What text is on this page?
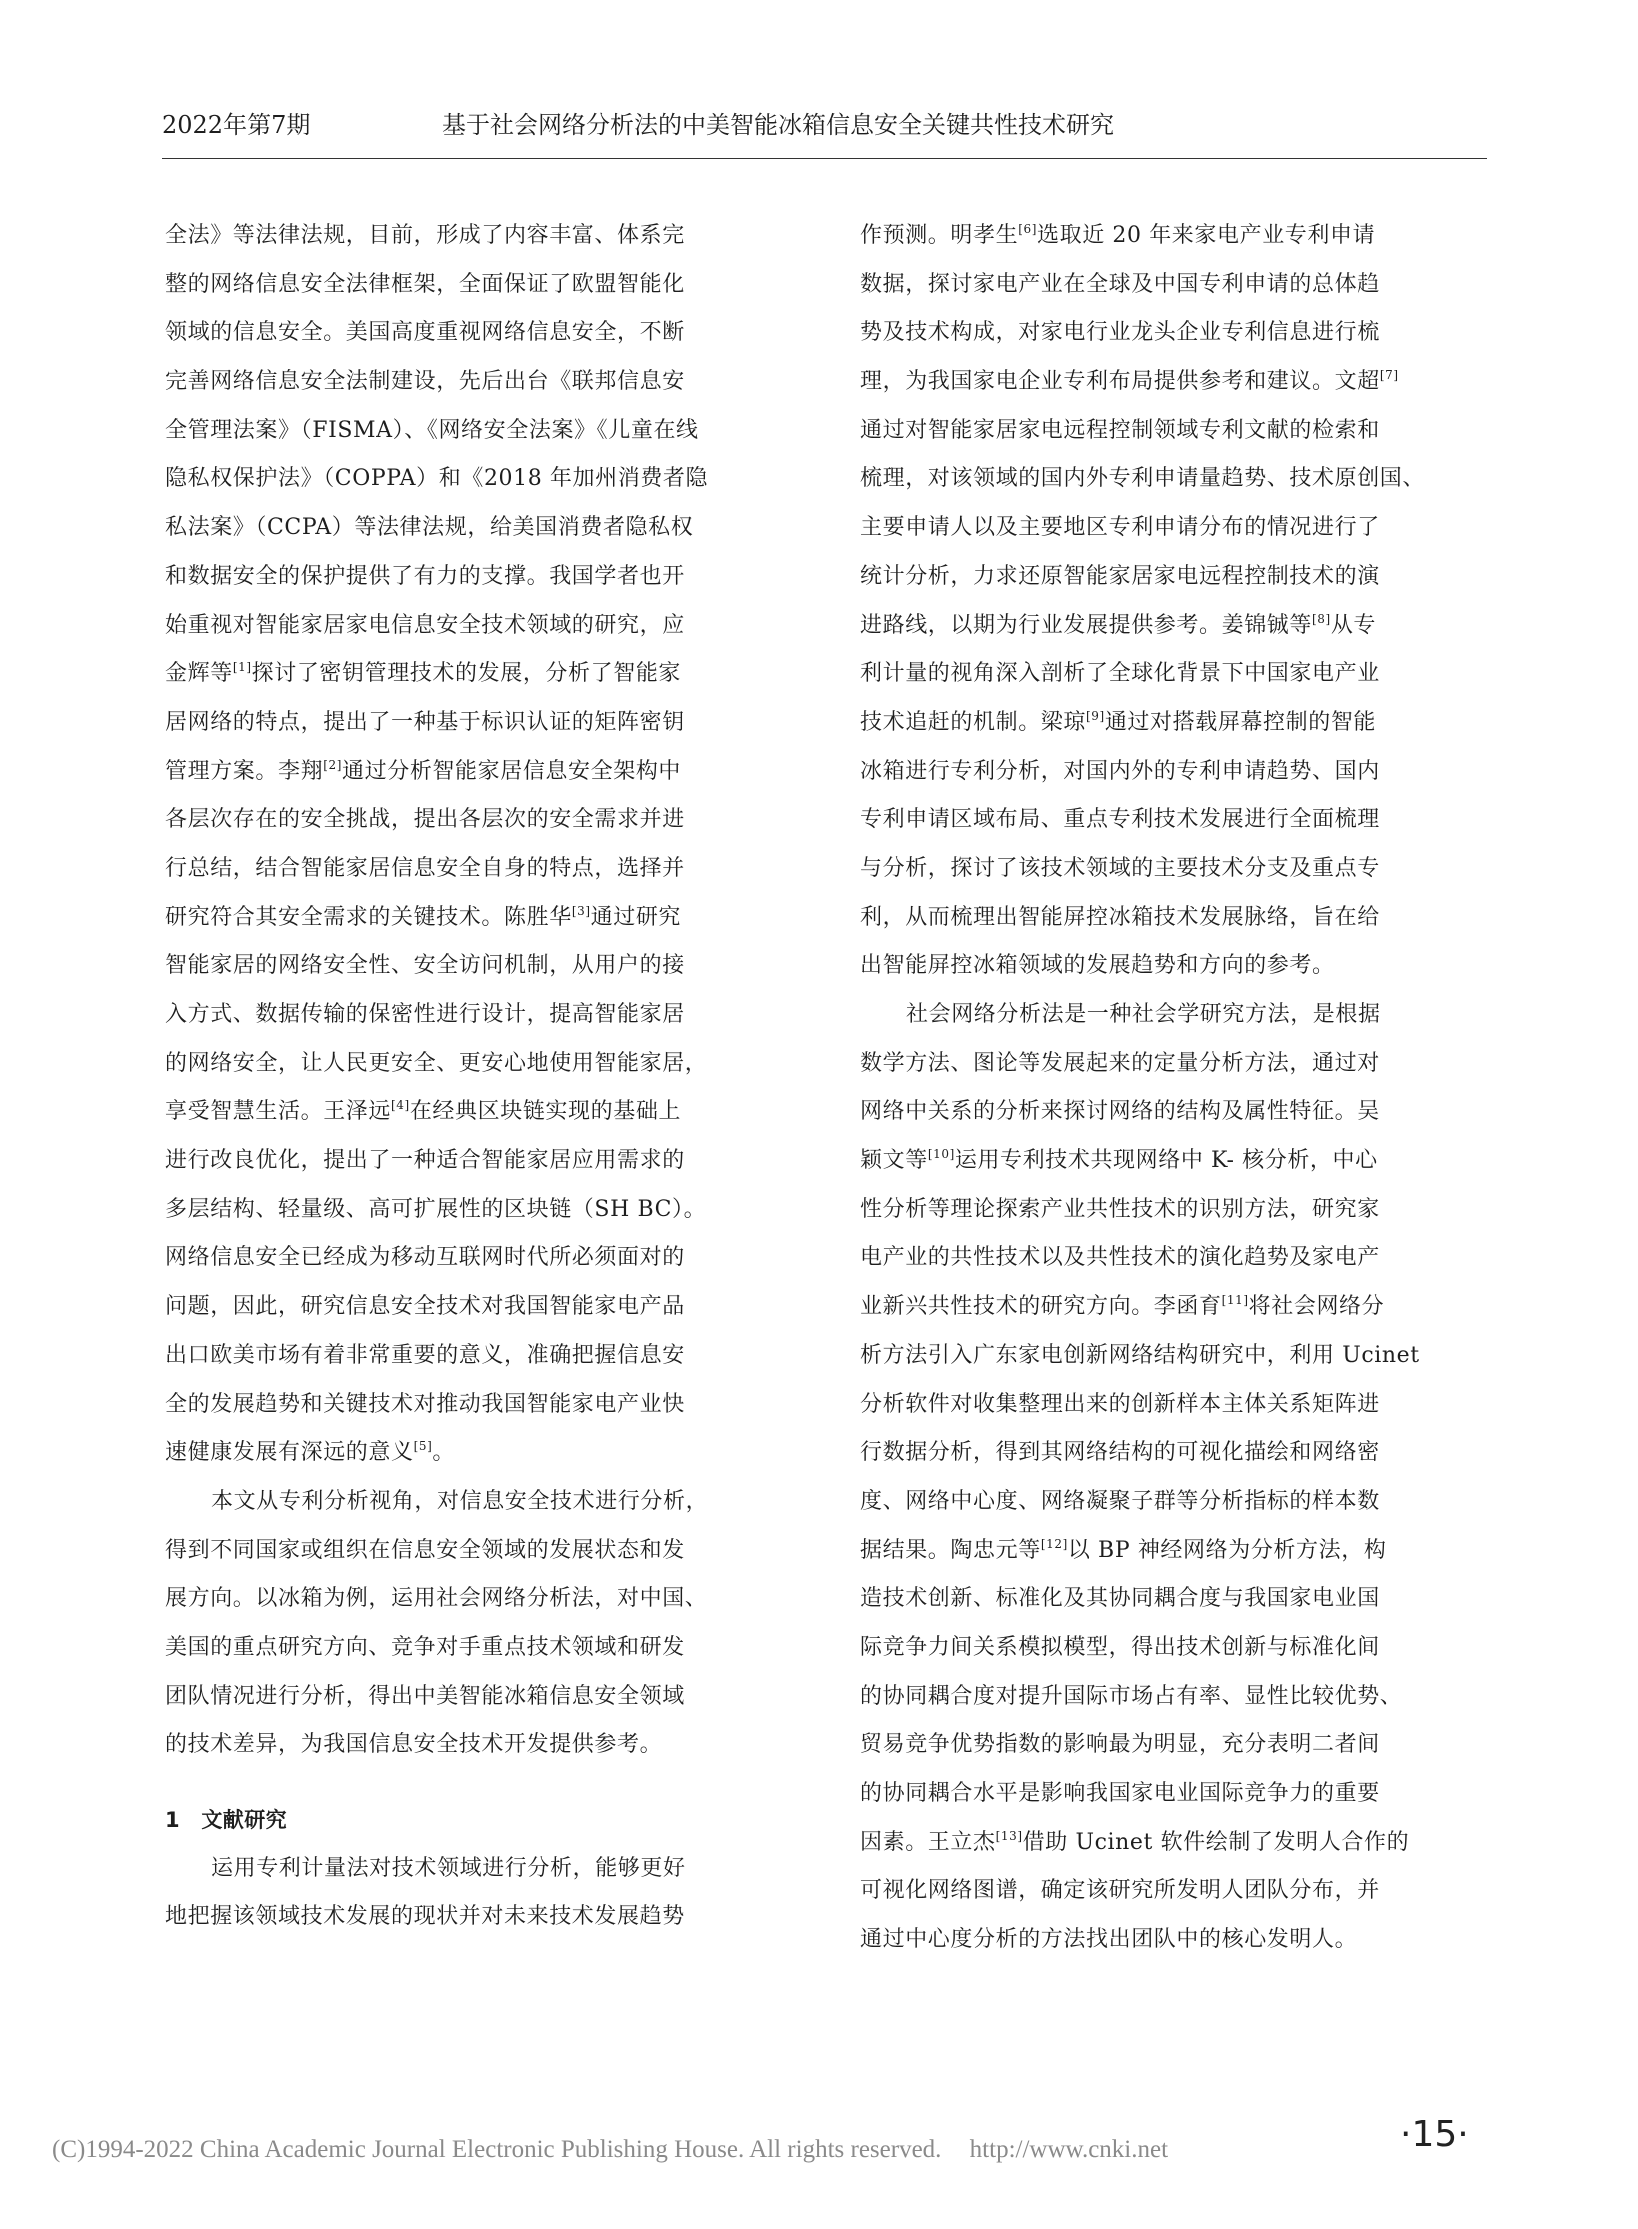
2022年第7期	基于社会网络分析法的中美智能冰箱信息安全关键共性技术研究
全法》等法律法规，目前，形成了内容丰富、体系完
整的网络信息安全法律框架，全面保证了欧盟智能化
领域的信息安全。美国高度重视网络信息安全，不断
完善网络信息安全法制建设，先后出台《联邦信息安
全管理法案》（FISMA）、《网络安全法案》《儿童在线
隐私权保护法》（COPPA）和《2018 年加州消费者隐
私法案》（CCPA）等法律法规，给美国消费者隐私权
和数据安全的保护提供了有力的支撑。我国学者也开
始重视对智能家居家电信息安全技术领域的研究，应
金辉等[1]探讨了密钥管理技术的发展，分析了智能家
居网络的特点，提出了一种基于标识认证的矩阵密钥
管理方案。李翔[2]通过分析智能家居信息安全架构中
各层次存在的安全挑战，提出各层次的安全需求并进
行总结，结合智能家居信息安全自身的特点，选择并
研究符合其安全需求的关键技术。陈胜华[3]通过研究
智能家居的网络安全性、安全访问机制，从用户的接
入方式、数据传输的保密性进行设计，提高智能家居
的网络安全，让人民更安全、更安心地使用智能家居，
享受智慧生活。王泽远[4]在经典区块链实现的基础上
进行改良优化，提出了一种适合智能家居应用需求的
多层结构、轻量级、高可扩展性的区块链（SH BC）。
网络信息安全已经成为移动互联网时代所必须面对的
问题，因此，研究信息安全技术对我国智能家电产品
出口欧美市场有着非常重要的意义，准确把握信息安
全的发展趋势和关键技术对推动我国智能家电产业快
速健康发展有深远的意义[5]。
本文从专利分析视角，对信息安全技术进行分析，
得到不同国家或组织在信息安全领域的发展状态和发
展方向。以冰箱为例，运用社会网络分析法，对中国、
美国的重点研究方向、竞争对手重点技术领域和研发
团队情况进行分析，得出中美智能冰箱信息安全领域
的技术差异，为我国信息安全技术开发提供参考。
1　文献研究
运用专利计量法对技术领域进行分析，能够更好
地把握该领域技术发展的现状并对未来技术发展趋势
作预测。明孝生[6]选取近 20 年来家电产业专利申请
数据，探讨家电产业在全球及中国专利申请的总体趋
势及技术构成，对家电行业龙头企业专利信息进行梳
理，为我国家电企业专利布局提供参考和建议。文超[7]
通过对智能家居家电远程控制领域专利文献的检索和
梳理，对该领域的国内外专利申请量趋势、技术原创国、
主要申请人以及主要地区专利申请分布的情况进行了
统计分析，力求还原智能家居家电远程控制技术的演
进路线，以期为行业发展提供参考。姜锦铖等[8]从专
利计量的视角深入剖析了全球化背景下中国家电产业
技术追赶的机制。梁琼[9]通过对搭载屏幕控制的智能
冰箱进行专利分析，对国内外的专利申请趋势、国内
专利申请区域布局、重点专利技术发展进行全面梳理
与分析，探讨了该技术领域的主要技术分支及重点专
利，从而梳理出智能屏控冰箱技术发展脉络，旨在给
出智能屏控冰箱领域的发展趋势和方向的参考。
社会网络分析法是一种社会学研究方法，是根据
数学方法、图论等发展起来的定量分析方法，通过对
网络中关系的分析来探讨网络的结构及属性特征。吴
颖文等[10]运用专利技术共现网络中 K- 核分析，中心
性分析等理论探索产业共性技术的识别方法，研究家
电产业的共性技术以及共性技术的演化趋势及家电产
业新兴共性技术的研究方向。李函育[11]将社会网络分
析方法引入广东家电创新网络结构研究中，利用 Ucinet
分析软件对收集整理出来的创新样本主体关系矩阵进
行数据分析，得到其网络结构的可视化描绘和网络密
度、网络中心度、网络凝聚子群等分析指标的样本数
据结果。陶忠元等[12]以 BP 神经网络为分析方法，构
造技术创新、标准化及其协同耦合度与我国家电业国
际竞争力间关系模拟模型，得出技术创新与标准化间
的协同耦合度对提升国际市场占有率、显性比较优势、
贸易竞争优势指数的影响最为明显，充分表明二者间
的协同耦合水平是影响我国家电业国际竞争力的重要
因素。王立杰[13]借助 Ucinet 软件绘制了发明人合作的
可视化网络图谱，确定该研究所发明人团队分布，并
通过中心度分析的方法找出团队中的核心发明人。
(C)1994-2022 China Academic Journal Electronic Publishing House. All rights reserved. http://www.cnki.net	·15·
